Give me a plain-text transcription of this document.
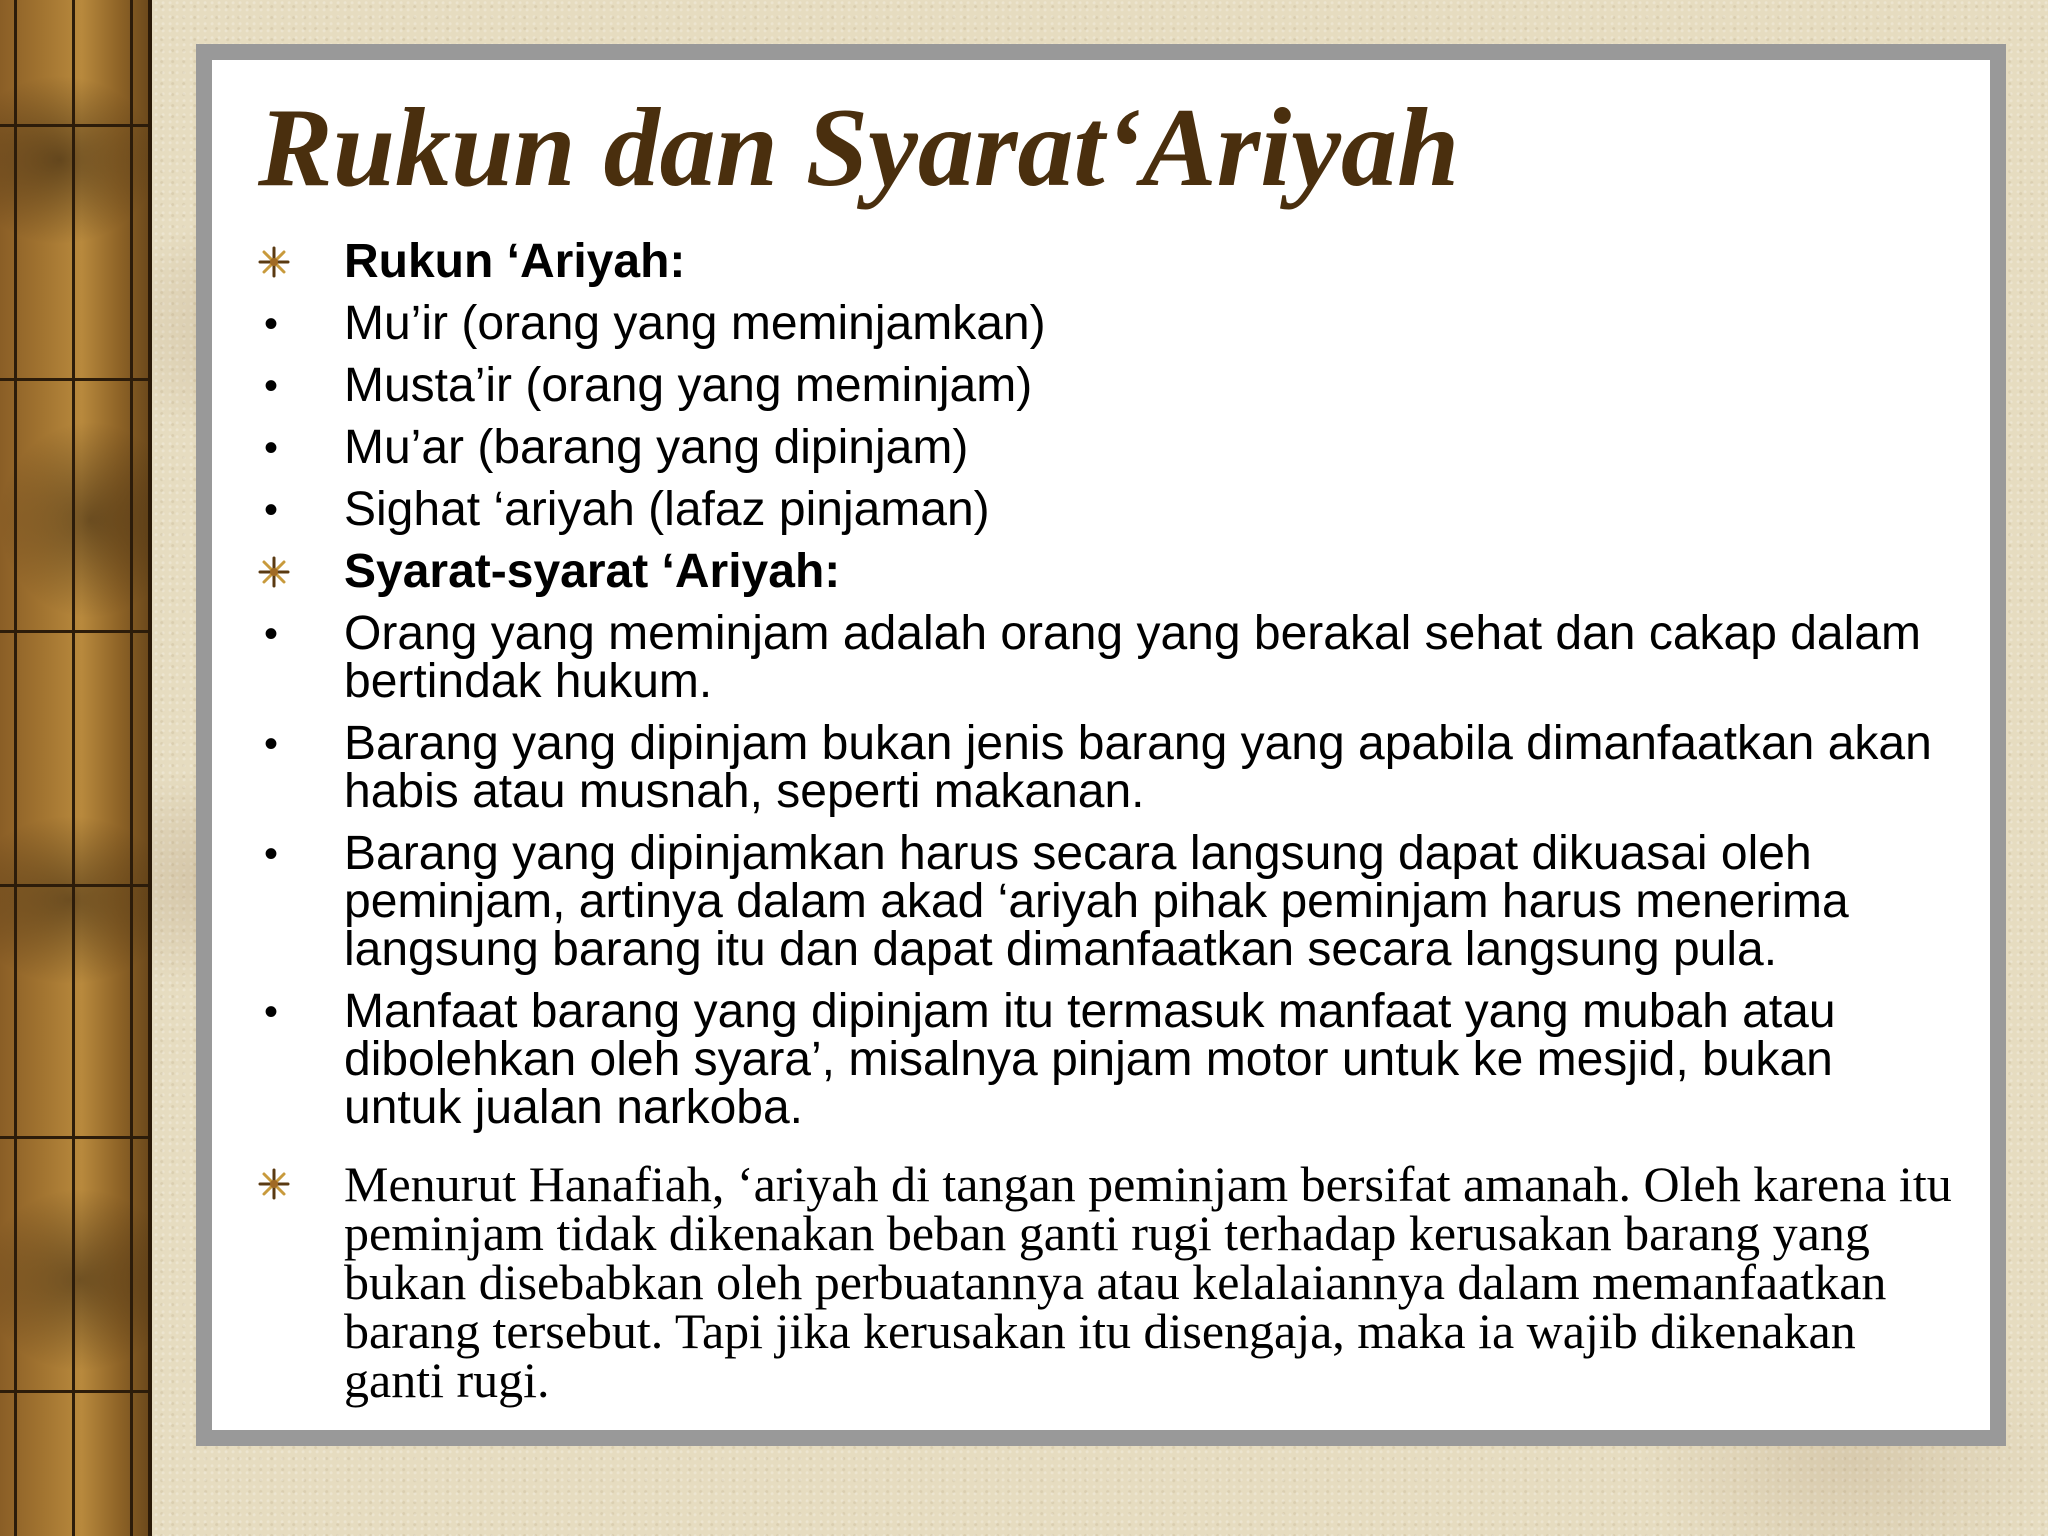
Rukun dan Syarat‘Ariyah
Rukun ‘Ariyah:
• Mu’ir (orang yang meminjamkan)
• Musta’ir (orang yang meminjam)
• Mu’ar (barang yang dipinjam)
• Sighat ‘ariyah (lafaz pinjaman)
Syarat-syarat ‘Ariyah:
• Orang yang meminjam adalah orang yang berakal sehat dan cakap dalam bertindak hukum.
• Barang yang dipinjam bukan jenis barang yang apabila dimanfaatkan akan habis atau musnah, seperti makanan.
• Barang yang dipinjamkan harus secara langsung dapat dikuasai oleh peminjam, artinya dalam akad ‘ariyah pihak peminjam harus menerima langsung barang itu dan dapat dimanfaatkan secara langsung pula.
• Manfaat barang yang dipinjam itu termasuk manfaat yang mubah atau dibolehkan oleh syara’, misalnya pinjam motor untuk ke mesjid, bukan untuk jualan narkoba.
Menurut Hanafiah, ‘ariyah di tangan peminjam bersifat amanah. Oleh karena itu peminjam tidak dikenakan beban ganti rugi terhadap kerusakan barang yang bukan disebabkan oleh perbuatannya atau kelalaiannya dalam memanfaatkan barang tersebut. Tapi jika kerusakan itu disengaja, maka ia wajib dikenakan ganti rugi.
